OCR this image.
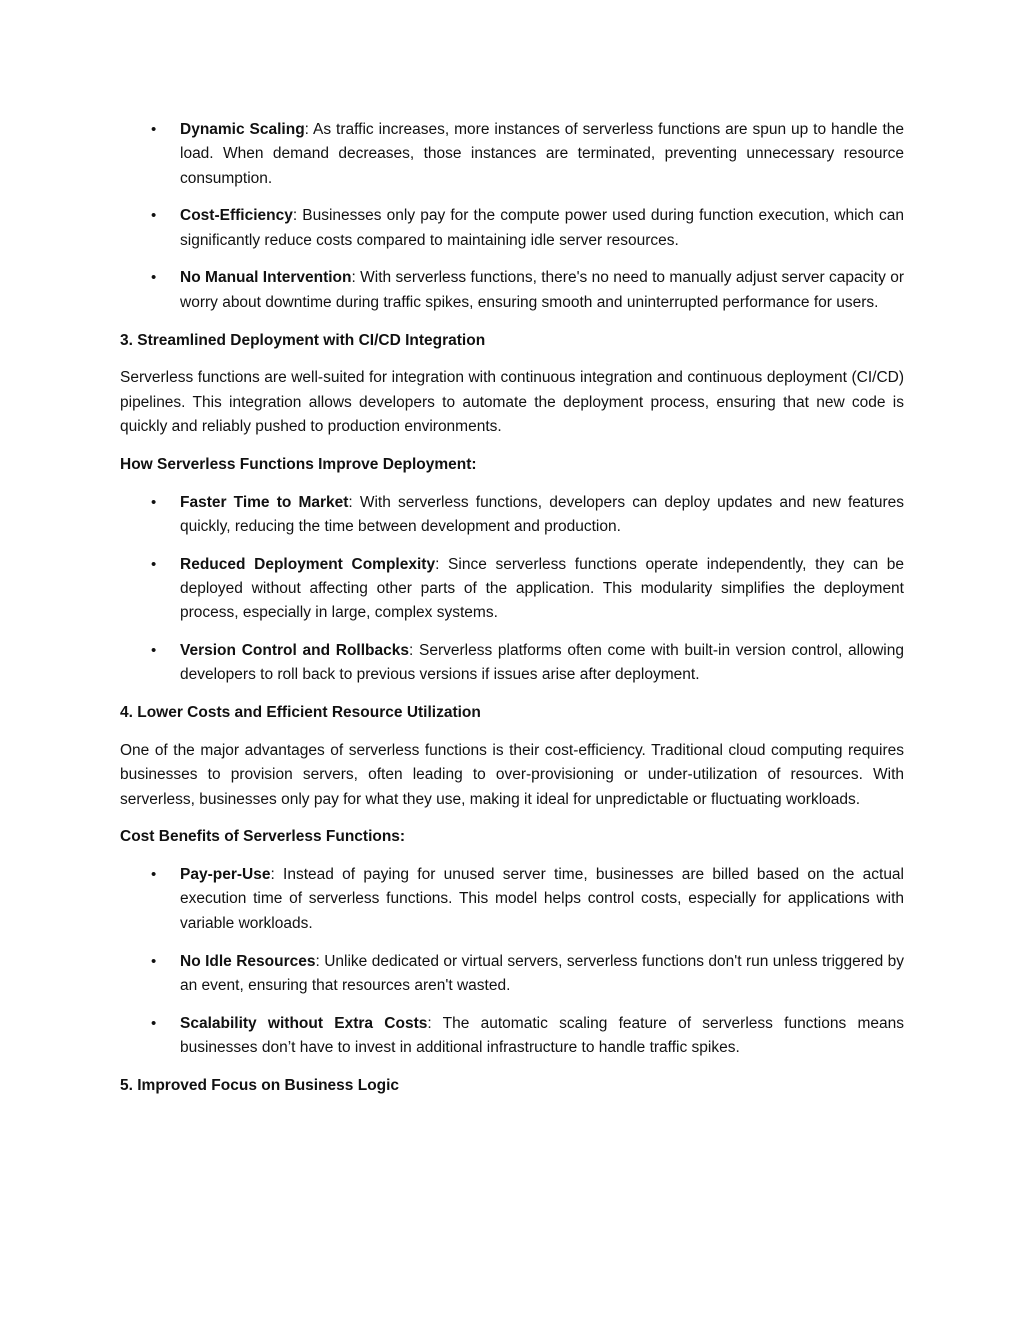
• Dynamic Scaling: As traffic increases, more instances of serverless functions are spun up to handle the load. When demand decreases, those instances are terminated, preventing unnecessary resource consumption.
• Cost-Efficiency: Businesses only pay for the compute power used during function execution, which can significantly reduce costs compared to maintaining idle server resources.
• No Manual Intervention: With serverless functions, there's no need to manually adjust server capacity or worry about downtime during traffic spikes, ensuring smooth and uninterrupted performance for users.
3. Streamlined Deployment with CI/CD Integration

Serverless functions are well-suited for integration with continuous integration and continuous deployment (CI/CD) pipelines. This integration allows developers to automate the deployment process, ensuring that new code is quickly and reliably pushed to production environments.

How Serverless Functions Improve Deployment:
• Faster Time to Market: With serverless functions, developers can deploy updates and new features quickly, reducing the time between development and production.
• Reduced Deployment Complexity: Since serverless functions operate independently, they can be deployed without affecting other parts of the application. This modularity simplifies the deployment process, especially in large, complex systems.
• Version Control and Rollbacks: Serverless platforms often come with built-in version control, allowing developers to roll back to previous versions if issues arise after deployment.
4. Lower Costs and Efficient Resource Utilization

One of the major advantages of serverless functions is their cost-efficiency. Traditional cloud computing requires businesses to provision servers, often leading to over-provisioning or under-utilization of resources. With serverless, businesses only pay for what they use, making it ideal for unpredictable or fluctuating workloads.

Cost Benefits of Serverless Functions:
• Pay-per-Use: Instead of paying for unused server time, businesses are billed based on the actual execution time of serverless functions. This model helps control costs, especially for applications with variable workloads.
• No Idle Resources: Unlike dedicated or virtual servers, serverless functions don't run unless triggered by an event, ensuring that resources aren't wasted.
• Scalability without Extra Costs: The automatic scaling feature of serverless functions means businesses don’t have to invest in additional infrastructure to handle traffic spikes.
5. Improved Focus on Business Logic
